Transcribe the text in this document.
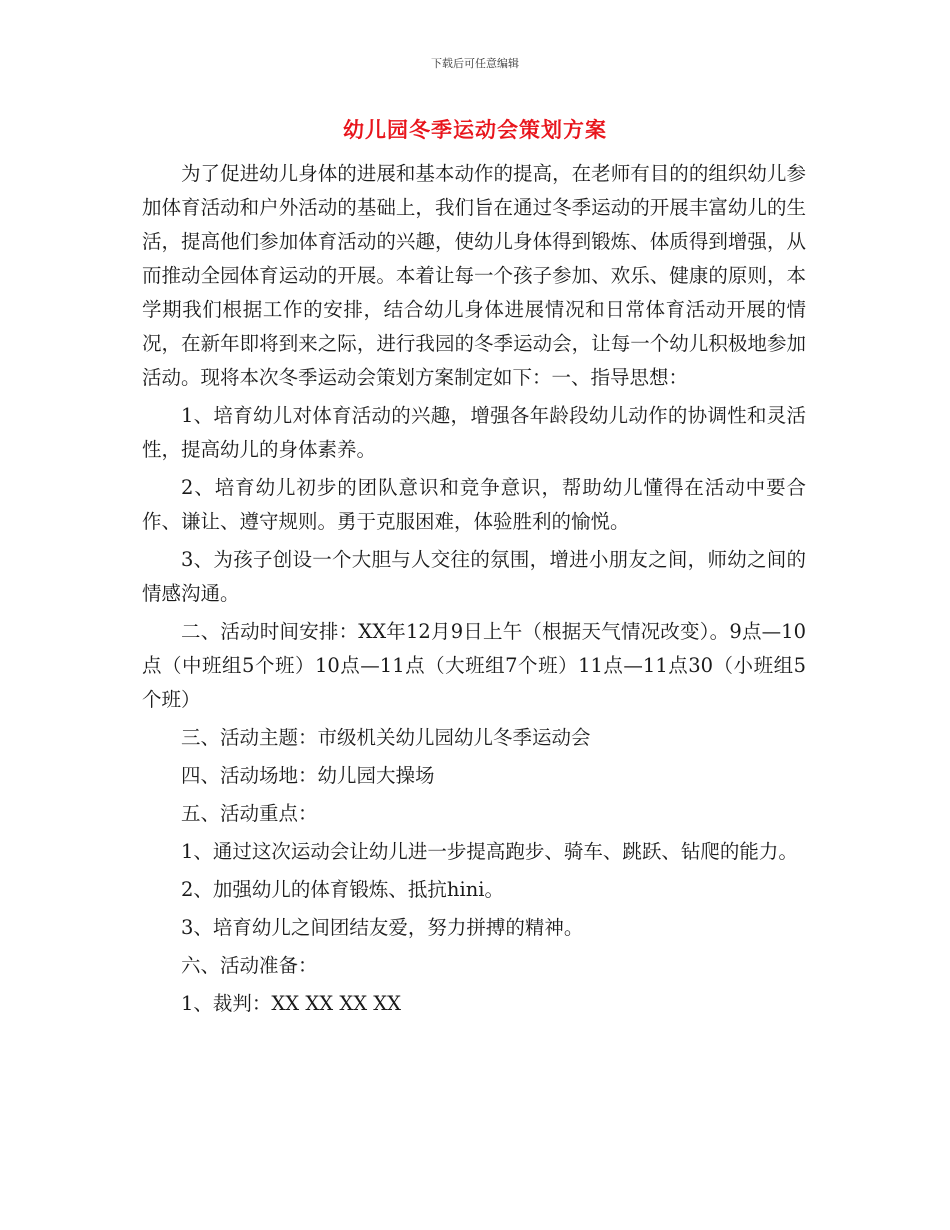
下载后可任意编辑
幼儿园冬季运动会策划方案

为了促进幼儿身体的进展和基本动作的提高，在老师有目的的组织幼儿参加体育活动和户外活动的基础上，我们旨在通过冬季运动的开展丰富幼儿的生活，提高他们参加体育活动的兴趣，使幼儿身体得到锻炼、体质得到增强，从而推动全园体育运动的开展。本着让每一个孩子参加、欢乐、健康的原则，本学期我们根据工作的安排，结合幼儿身体进展情况和日常体育活动开展的情况，在新年即将到来之际，进行我园的冬季运动会，让每一个幼儿积极地参加活动。现将本次冬季运动会策划方案制定如下：一、指导思想：

1、培育幼儿对体育活动的兴趣，增强各年龄段幼儿动作的协调性和灵活性，提高幼儿的身体素养。

2、培育幼儿初步的团队意识和竞争意识，帮助幼儿懂得在活动中要合作、谦让、遵守规则。勇于克服困难，体验胜利的愉悦。

3、为孩子创设一个大胆与人交往的氛围，增进小朋友之间，师幼之间的情感沟通。

二、活动时间安排：XX年12月9日上午（根据天气情况改变）。9点—10点（中班组5个班）10点—11点（大班组7个班）11点—11点30（小班组5个班）

三、活动主题：市级机关幼儿园幼儿冬季运动会

四、活动场地：幼儿园大操场

五、活动重点：

1、通过这次运动会让幼儿进一步提高跑步、骑车、跳跃、钻爬的能力。

2、加强幼儿的体育锻炼、抵抗hini。

3、培育幼儿之间团结友爱，努力拼搏的精神。

六、活动准备：

1、裁判：XX XX XX XX
